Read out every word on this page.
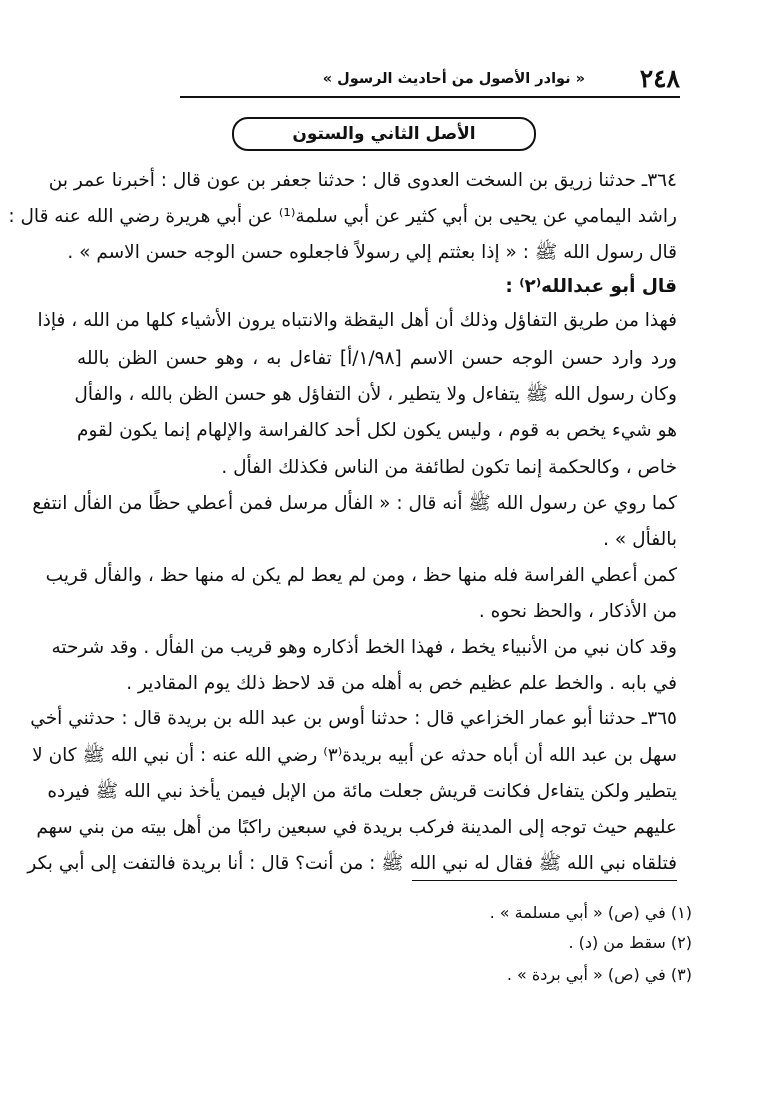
٢٤٨
« نوادر الأصول من أحاديث الرسول »
الأصل الثاني والستون
٣٦٤ـ حدثنا زريق بن السخت العدوى قال : حدثنا جعفر بن عون قال : أخبرنا عمر بن
راشد اليمامي عن يحيى بن أبي كثير عن أبي سلمة⁽¹⁾ عن أبي هريرة رضي الله عنه قال :
قال رسول الله ﷺ : « إذا بعثتم إلي رسولاً فاجعلوه حسن الوجه حسن الاسم » .
قال أبو عبدالله⁽٢⁾ :
فهذا من طريق التفاؤل وذلك أن أهل اليقظة والانتباه يرون الأشياء كلها من الله ، فإذا
ورد وارد حسن الوجه حسن الاسم [١/٩٨/أ] تفاءل به ، وهو حسن الظن بالله
وكان رسول الله ﷺ يتفاءل ولا يتطير ، لأن التفاؤل هو حسن الظن بالله ، والفأل
هو شيء يخص به قوم ، وليس يكون لكل أحد كالفراسة والإلهام إنما يكون لقوم
خاص ، وكالحكمة إنما تكون لطائفة من الناس فكذلك الفأل .
كما روي عن رسول الله ﷺ أنه قال : « الفأل مرسل فمن أعطي حظًا من الفأل انتفع
بالفأل » .
كمن أعطي الفراسة فله منها حظ ، ومن لم يعط لم يكن له منها حظ ، والفأل قريب
من الأذكار ، والحظ نحوه .
وقد كان نبي من الأنبياء يخط ، فهذا الخط أذكاره وهو قريب من الفأل . وقد شرحته
في بابه . والخط علم عظيم خص به أهله من قد لاحظ ذلك يوم المقادير .
٣٦٥ـ حدثنا أبو عمار الخزاعي قال : حدثنا أوس بن عبد الله بن بريدة قال : حدثني أخي
سهل بن عبد الله أن أباه حدثه عن أبيه بريدة⁽٣⁾ رضي الله عنه : أن نبي الله ﷺ كان لا
يتطير ولكن يتفاءل فكانت قريش جعلت مائة من الإبل فيمن يأخذ نبي الله ﷺ فيرده
عليهم حيث توجه إلى المدينة فركب بريدة في سبعين راكبًا من أهل بيته من بني سهم
فتلقاه نبي الله ﷺ فقال له نبي الله ﷺ : من أنت؟ قال : أنا بريدة فالتفت إلى أبي بكر
(١) في (ص) « أبي مسلمة » .
(٢) سقط من (د) .
(٣) في (ص) « أبي بردة » .
